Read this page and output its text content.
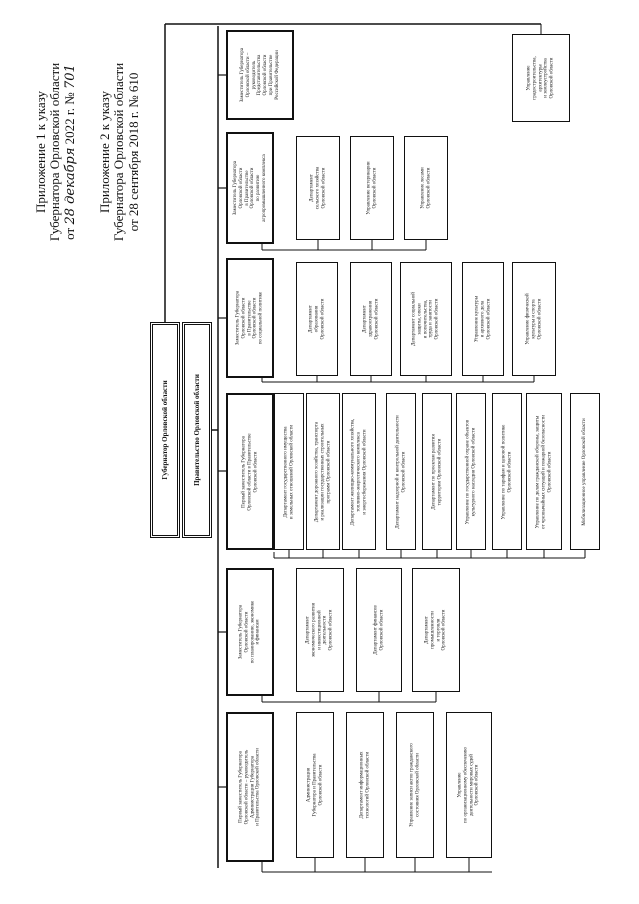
Приложение 1 к указу Губернатора Орловской области от 28 декабря 2022 г. № 701
Приложение 2 к указу Губернатора Орловской области от 28 сентября 2018 г. № 610
Губернатор Орловской области	Правительство Орловской области
Первый заместитель Губернатора
Орловской области – руководитель
Администрации Губернатора
и Правительства Орловской области
Заместитель Губернатора
Орловской области
по планированию, экономике
и финансам
Первый заместитель Губернатора
Орловской области в Правительстве
Орловской области
Заместитель Губернатора
Орловской области
в Правительстве
Орловской области
по социальной политике
Заместитель Губернатора
Орловской области
в Правительстве
Орловской области
по развитию
агропромышленного комплекса
Заместитель Губернатора
Орловской области –
руководитель
Представительства
Орловской области
при Правительстве
Российской Федерации
Администрация
Губернатора и Правительства
Орловской области
Департамент информационных
технологий Орловской области
Управление записи актов гражданского
состояния Орловской области
Управление
по организационному обеспечению
деятельности мировых судей
Орловской области
Департамент
экономического развития
и инвестиционной
деятельности
Орловской области
Департамент финансов
Орловской области	Департамент
промышленности
и торговли
Орловской области
Департамент государственного имущества
и земельных отношений Орловской области
Департамент дорожного хозяйства, транспорта
и реализации государственных строительных
программ Орловской области
Департамент жилищно-коммунального хозяйства,
топливно-энергетического комплекса
и энергосбережения Орловской области
Департамент надзорной и контрольной деятельности
Орловской области
Департамент по проектам развития
территории Орловской области
Управление по государственной охране объектов
культурного наследия Орловской области
Управление по тарифам и ценовой политике
Орловской области
Управление по делам гражданской обороны, защиты
от чрезвычайных ситуаций и пожарной безопасности
Орловской области	Мобилизационное управление Орловской области
Департамент
образования
Орловской области	Департамент
здравоохранения
Орловской области
Департамент социальной
защиты, опеки
и попечительства,
труда и занятости
Орловской области
Управление культуры
и архивного дела
Орловской области
Управление физической
культуры и спорта
Орловской области
Департамент
сельского хозяйства
Орловской области
Управление ветеринарии
Орловской области
Управление лесами
Орловской области
Управление
градостроительства,
архитектуры
и землеустройства
Орловской области
